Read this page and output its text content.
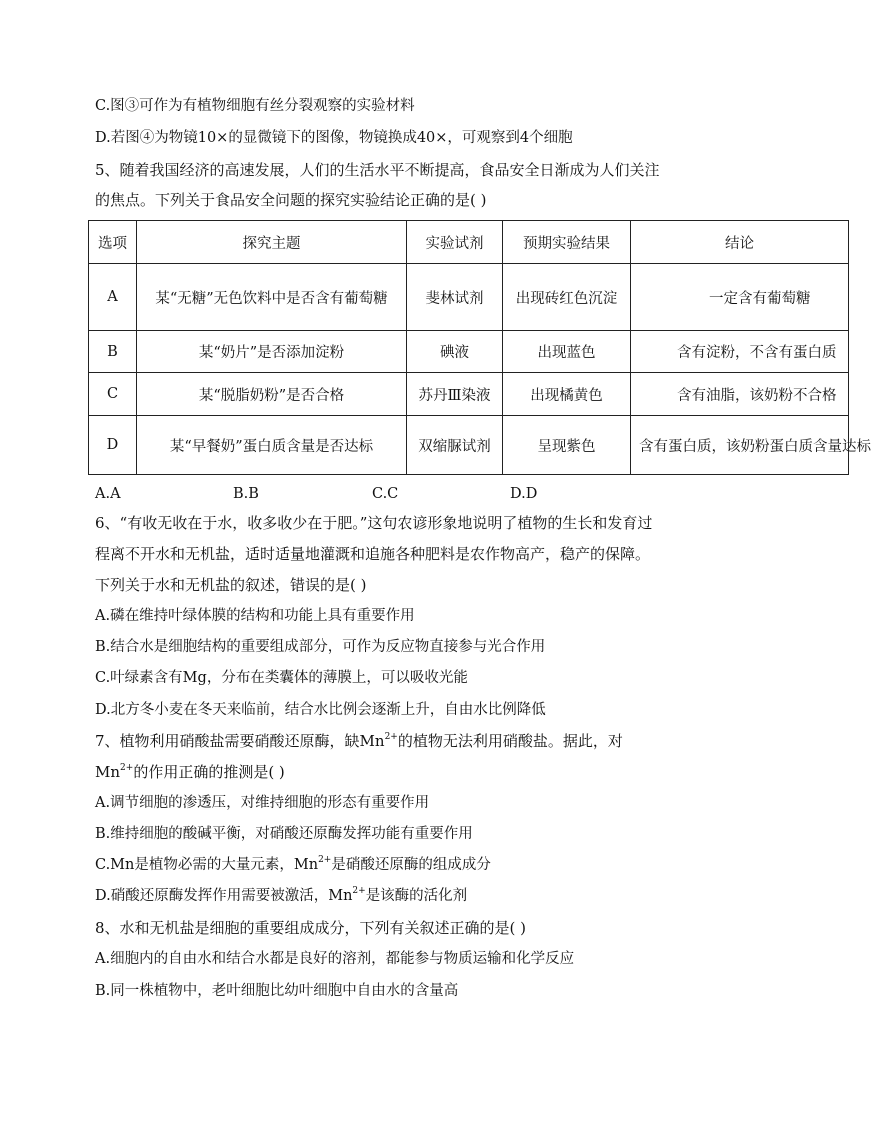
C.图③可作为有植物细胞有丝分裂观察的实验材料
D.若图④为物镜10×的显微镜下的图像，物镜换成40×，可观察到4个细胞
5、随着我国经济的高速发展，人们的生活水平不断提高，食品安全日渐成为人们关注
的焦点。下列关于食品安全问题的探究实验结论正确的是( )
选项	探究主题	实验试剂	预期实验结果	结论
A	某“无糖”无色饮料中是否含有葡萄糖	斐林试剂	出现砖红色沉淀	一定含有葡萄糖
B	某“奶片”是否添加淀粉	碘液	出现蓝色	含有淀粉，不含有蛋白质
C	某“脱脂奶粉”是否合格	苏丹Ⅲ染液	出现橘黄色	含有油脂，该奶粉不合格
D	某“早餐奶”蛋白质含量是否达标	双缩脲试剂	呈现紫色	含有蛋白质，该奶粉蛋白质含量达标
A.A	B.B	C.C	D.D
6、“有收无收在于水，收多收少在于肥。”这句农谚形象地说明了植物的生长和发育过
程离不开水和无机盐，适时适量地灌溉和追施各种肥料是农作物高产，稳产的保障。
下列关于水和无机盐的叙述，错误的是( )
A.磷在维持叶绿体膜的结构和功能上具有重要作用
B.结合水是细胞结构的重要组成部分，可作为反应物直接参与光合作用
C.叶绿素含有Mg，分布在类囊体的薄膜上，可以吸收光能
D.北方冬小麦在冬天来临前，结合水比例会逐渐上升，自由水比例降低
7、植物利用硝酸盐需要硝酸还原酶，缺$Mn^{2+}$的植物无法利用硝酸盐。据此，对
$Mn^{2+}$的作用正确的推测是( )
A.调节细胞的渗透压，对维持细胞的形态有重要作用
B.维持细胞的酸碱平衡，对硝酸还原酶发挥功能有重要作用
C.Mn是植物必需的大量元素，$Mn^{2+}$是硝酸还原酶的组成成分
D.硝酸还原酶发挥作用需要被激活，$Mn^{2+}$是该酶的活化剂
8、水和无机盐是细胞的重要组成成分，下列有关叙述正确的是( )
A.细胞内的自由水和结合水都是良好的溶剂，都能参与物质运输和化学反应
B.同一株植物中，老叶细胞比幼叶细胞中自由水的含量高
